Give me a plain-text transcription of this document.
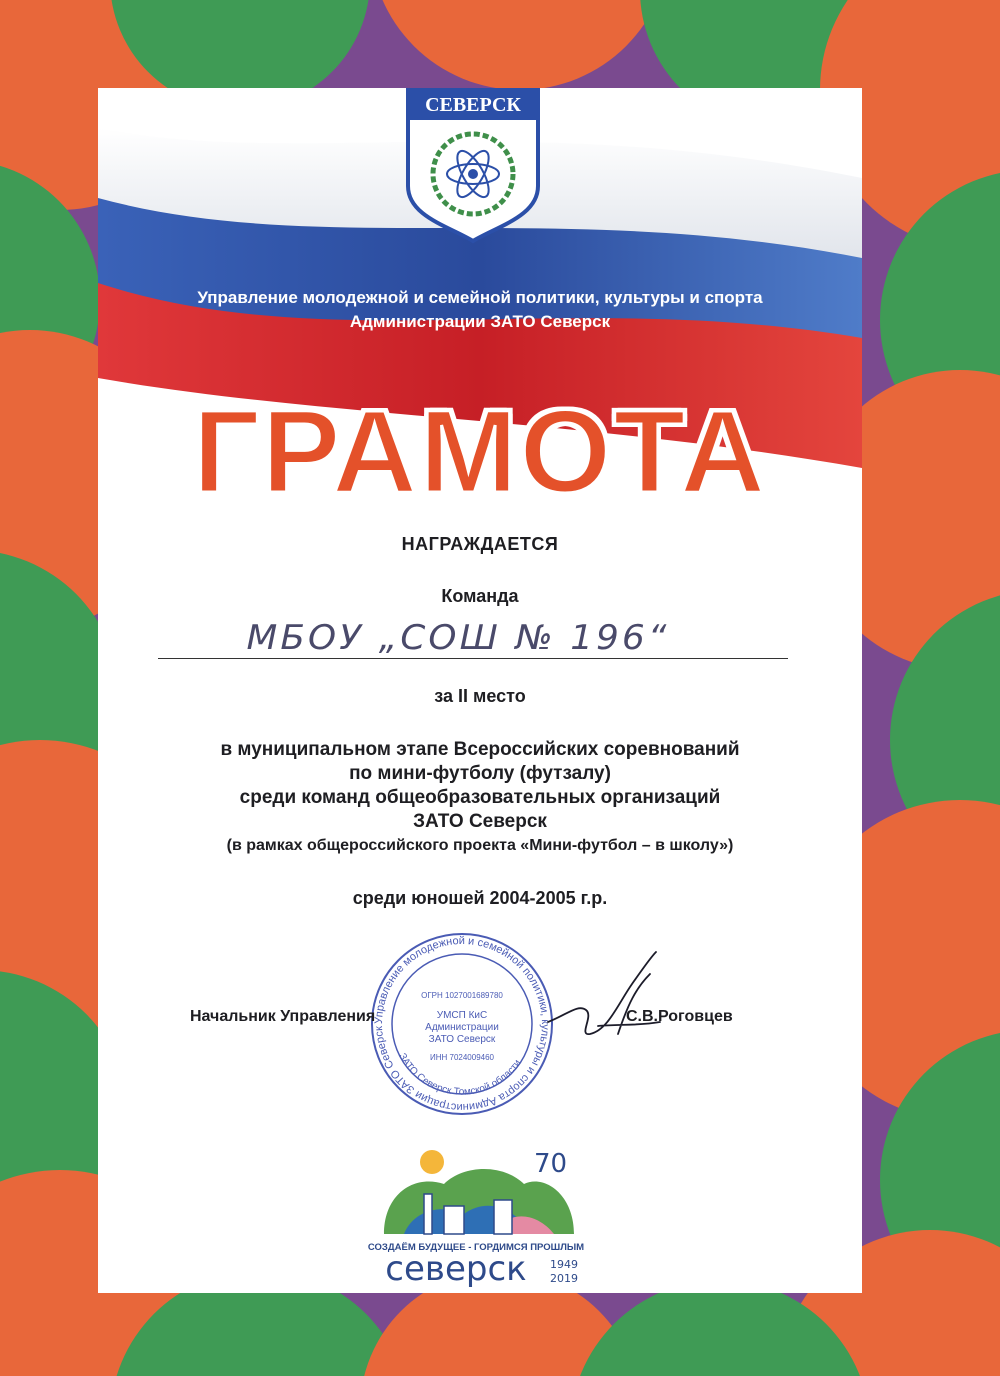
СЕВЕРСК
Управление молодежной и семейной политики, культуры и спорта
Администрации ЗАТО Северск
ГРАМОТА
НАГРАЖДАЕТСЯ
Команда
МБОУ „СОШ № 196“
за II место
в муниципальном этапе Всероссийских соревнований
по мини-футболу (футзалу)
среди команд общеобразовательных организаций
ЗАТО Северск
(в рамках общероссийского проекта «Мини-футбол – в школу»)
среди юношей 2004-2005 г.р.
Управление молодежной и семейной политики, культуры и спорта Администрации ЗАТО Северск
ЗАТО Северск Томской области
ОГРН 1027001689780
УМСП КиС
Администрации
ЗАТО Северск
ИНН 7024009460
Начальник Управления	С.В.Роговцев
70
СОЗДАЁМ БУДУЩЕЕ - ГОРДИМСЯ ПРОШЛЫМ
северск 1949
2019
